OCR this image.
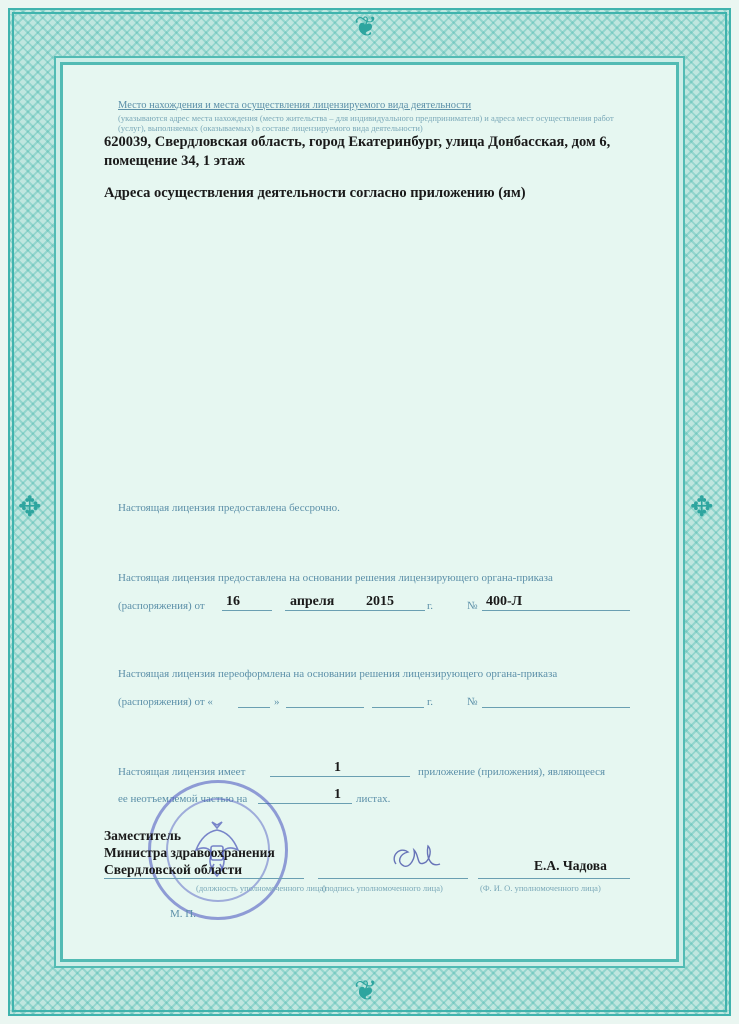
❦
❦
✥	✥
Место нахождения и места осуществления лицензируемого вида деятельности
(указываются адрес места нахождения (место жительства – для индивидуального предпринимателя) и адреса мест осуществления работ (услуг), выполняемых (оказываемых) в составе лицензируемого вида деятельности)
620039, Свердловская область, город Екатеринбург, улица Донбасская, дом 6,
помещение 34, 1 этаж
Адреса осуществления деятельности согласно приложению (ям)
Настоящая лицензия предоставлена бессрочно.
Настоящая лицензия предоставлена на основании решения лицензирующего органа-приказа
(распоряжения) от 16	апреля 2015	г.	№ 400-Л
Настоящая лицензия переоформлена на основании решения лицензирующего органа-приказа
(распоряжения) от «	»	г.	№
Настоящая лицензия имеет	1	приложение (приложения), являющееся
ее неотъемлемой частью на	1 листах.
Заместитель
Министра здравоохранения
Свердловской области	Е.А. Чадова
(должность уполномоченного лица)
(подпись уполномоченного лица)	(Ф. И. О. уполномоченного лица)
М. П.
